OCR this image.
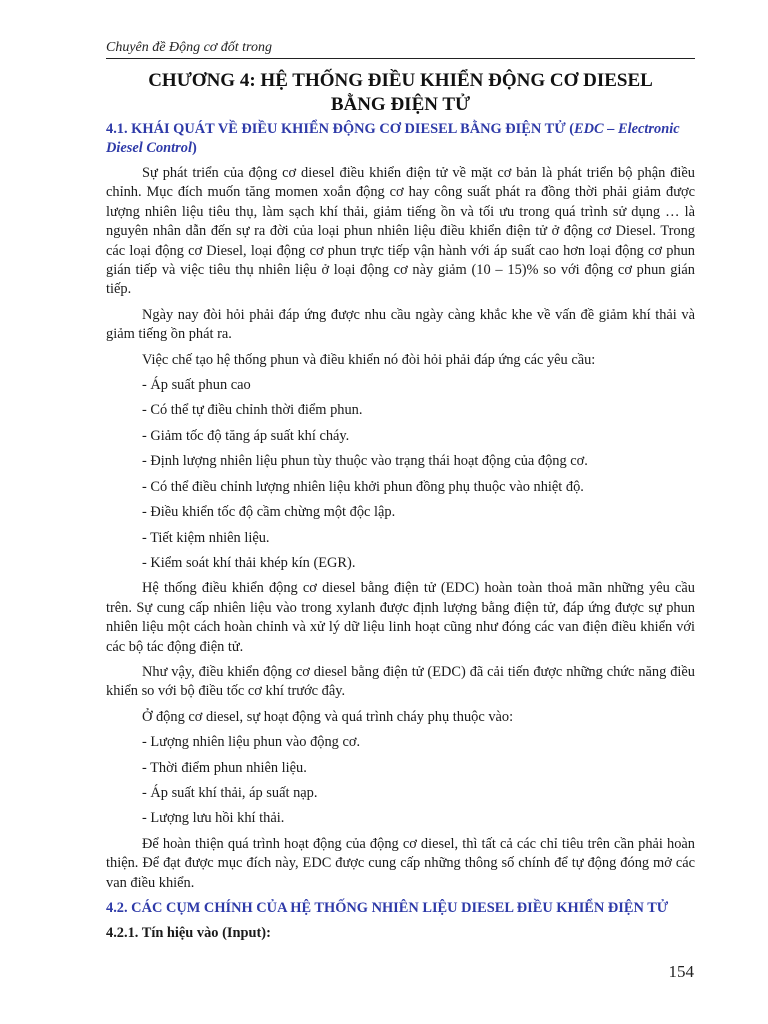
Chuyên đề Động cơ đốt trong
CHƯƠNG 4: HỆ THỐNG ĐIỀU KHIỂN ĐỘNG CƠ DIESEL
BẰNG ĐIỆN TỬ
4.1. KHÁI QUÁT VỀ ĐIỀU KHIỂN ĐỘNG CƠ DIESEL BẰNG ĐIỆN TỬ (EDC – Electronic Diesel Control)

Sự phát triển của động cơ diesel điều khiển điện tử về mặt cơ bản là phát triển bộ phận điều chỉnh. Mục đích muốn tăng momen xoắn động cơ hay công suất phát ra đồng thời phải giảm được lượng nhiên liệu tiêu thụ, làm sạch khí thải, giảm tiếng ồn và tối ưu trong quá trình sử dụng … là nguyên nhân dẫn đến sự ra đời của loại phun nhiên liệu điều khiển điện tử ở động cơ Diesel. Trong các loại động cơ Diesel, loại động cơ phun trực tiếp vận hành với áp suất cao hơn loại động cơ phun gián tiếp và việc tiêu thụ nhiên liệu ở loại động cơ này giảm (10 – 15)% so với động cơ phun gián tiếp.

Ngày nay đòi hỏi phải đáp ứng được nhu cầu ngày càng khắc khe về vấn đề giảm khí thải và giảm tiếng ồn phát ra.

Việc chế tạo hệ thống phun và điều khiển nó đòi hỏi phải đáp ứng các yêu cầu:

- Áp suất phun cao
- Có thể tự điều chỉnh thời điểm phun.
- Giảm tốc độ tăng áp suất khí cháy.
- Định lượng nhiên liệu phun tùy thuộc vào trạng thái hoạt động của động cơ.
- Có thể điều chỉnh lượng nhiên liệu khởi phun đồng phụ thuộc vào nhiệt độ.
- Điều khiển tốc độ cầm chừng một độc lập.
- Tiết kiệm nhiên liệu.
- Kiểm soát khí thải khép kín (EGR).

Hệ thống điều khiển động cơ diesel bằng điện tử (EDC) hoàn toàn thoả mãn những yêu cầu trên. Sự cung cấp nhiên liệu vào trong xylanh được định lượng bằng điện tử, đáp ứng được sự phun nhiên liệu một cách hoàn chỉnh và xử lý dữ liệu linh hoạt cũng như đóng các van điện điều khiển với các bộ tác động điện tử.

Như vậy, điều khiển động cơ diesel bằng điện tử (EDC) đã cải tiến được những chức năng điều khiển so với bộ điều tốc cơ khí trước đây.

Ở động cơ diesel, sự hoạt động và quá trình cháy phụ thuộc vào:

- Lượng nhiên liệu phun vào động cơ.
- Thời điểm phun nhiên liệu.
- Áp suất khí thải, áp suất nạp.
- Lượng lưu hồi khí thải.

Để hoàn thiện quá trình hoạt động của động cơ diesel, thì tất cả các chỉ tiêu trên cần phải hoàn thiện. Để đạt được mục đích này, EDC được cung cấp những thông số chính để tự động đóng mở các van điều khiển.

4.2. CÁC CỤM CHÍNH CỦA HỆ THỐNG NHIÊN LIỆU DIESEL ĐIỀU KHIỂN ĐIỆN TỬ
4.2.1. Tín hiệu vào (Input):
154
